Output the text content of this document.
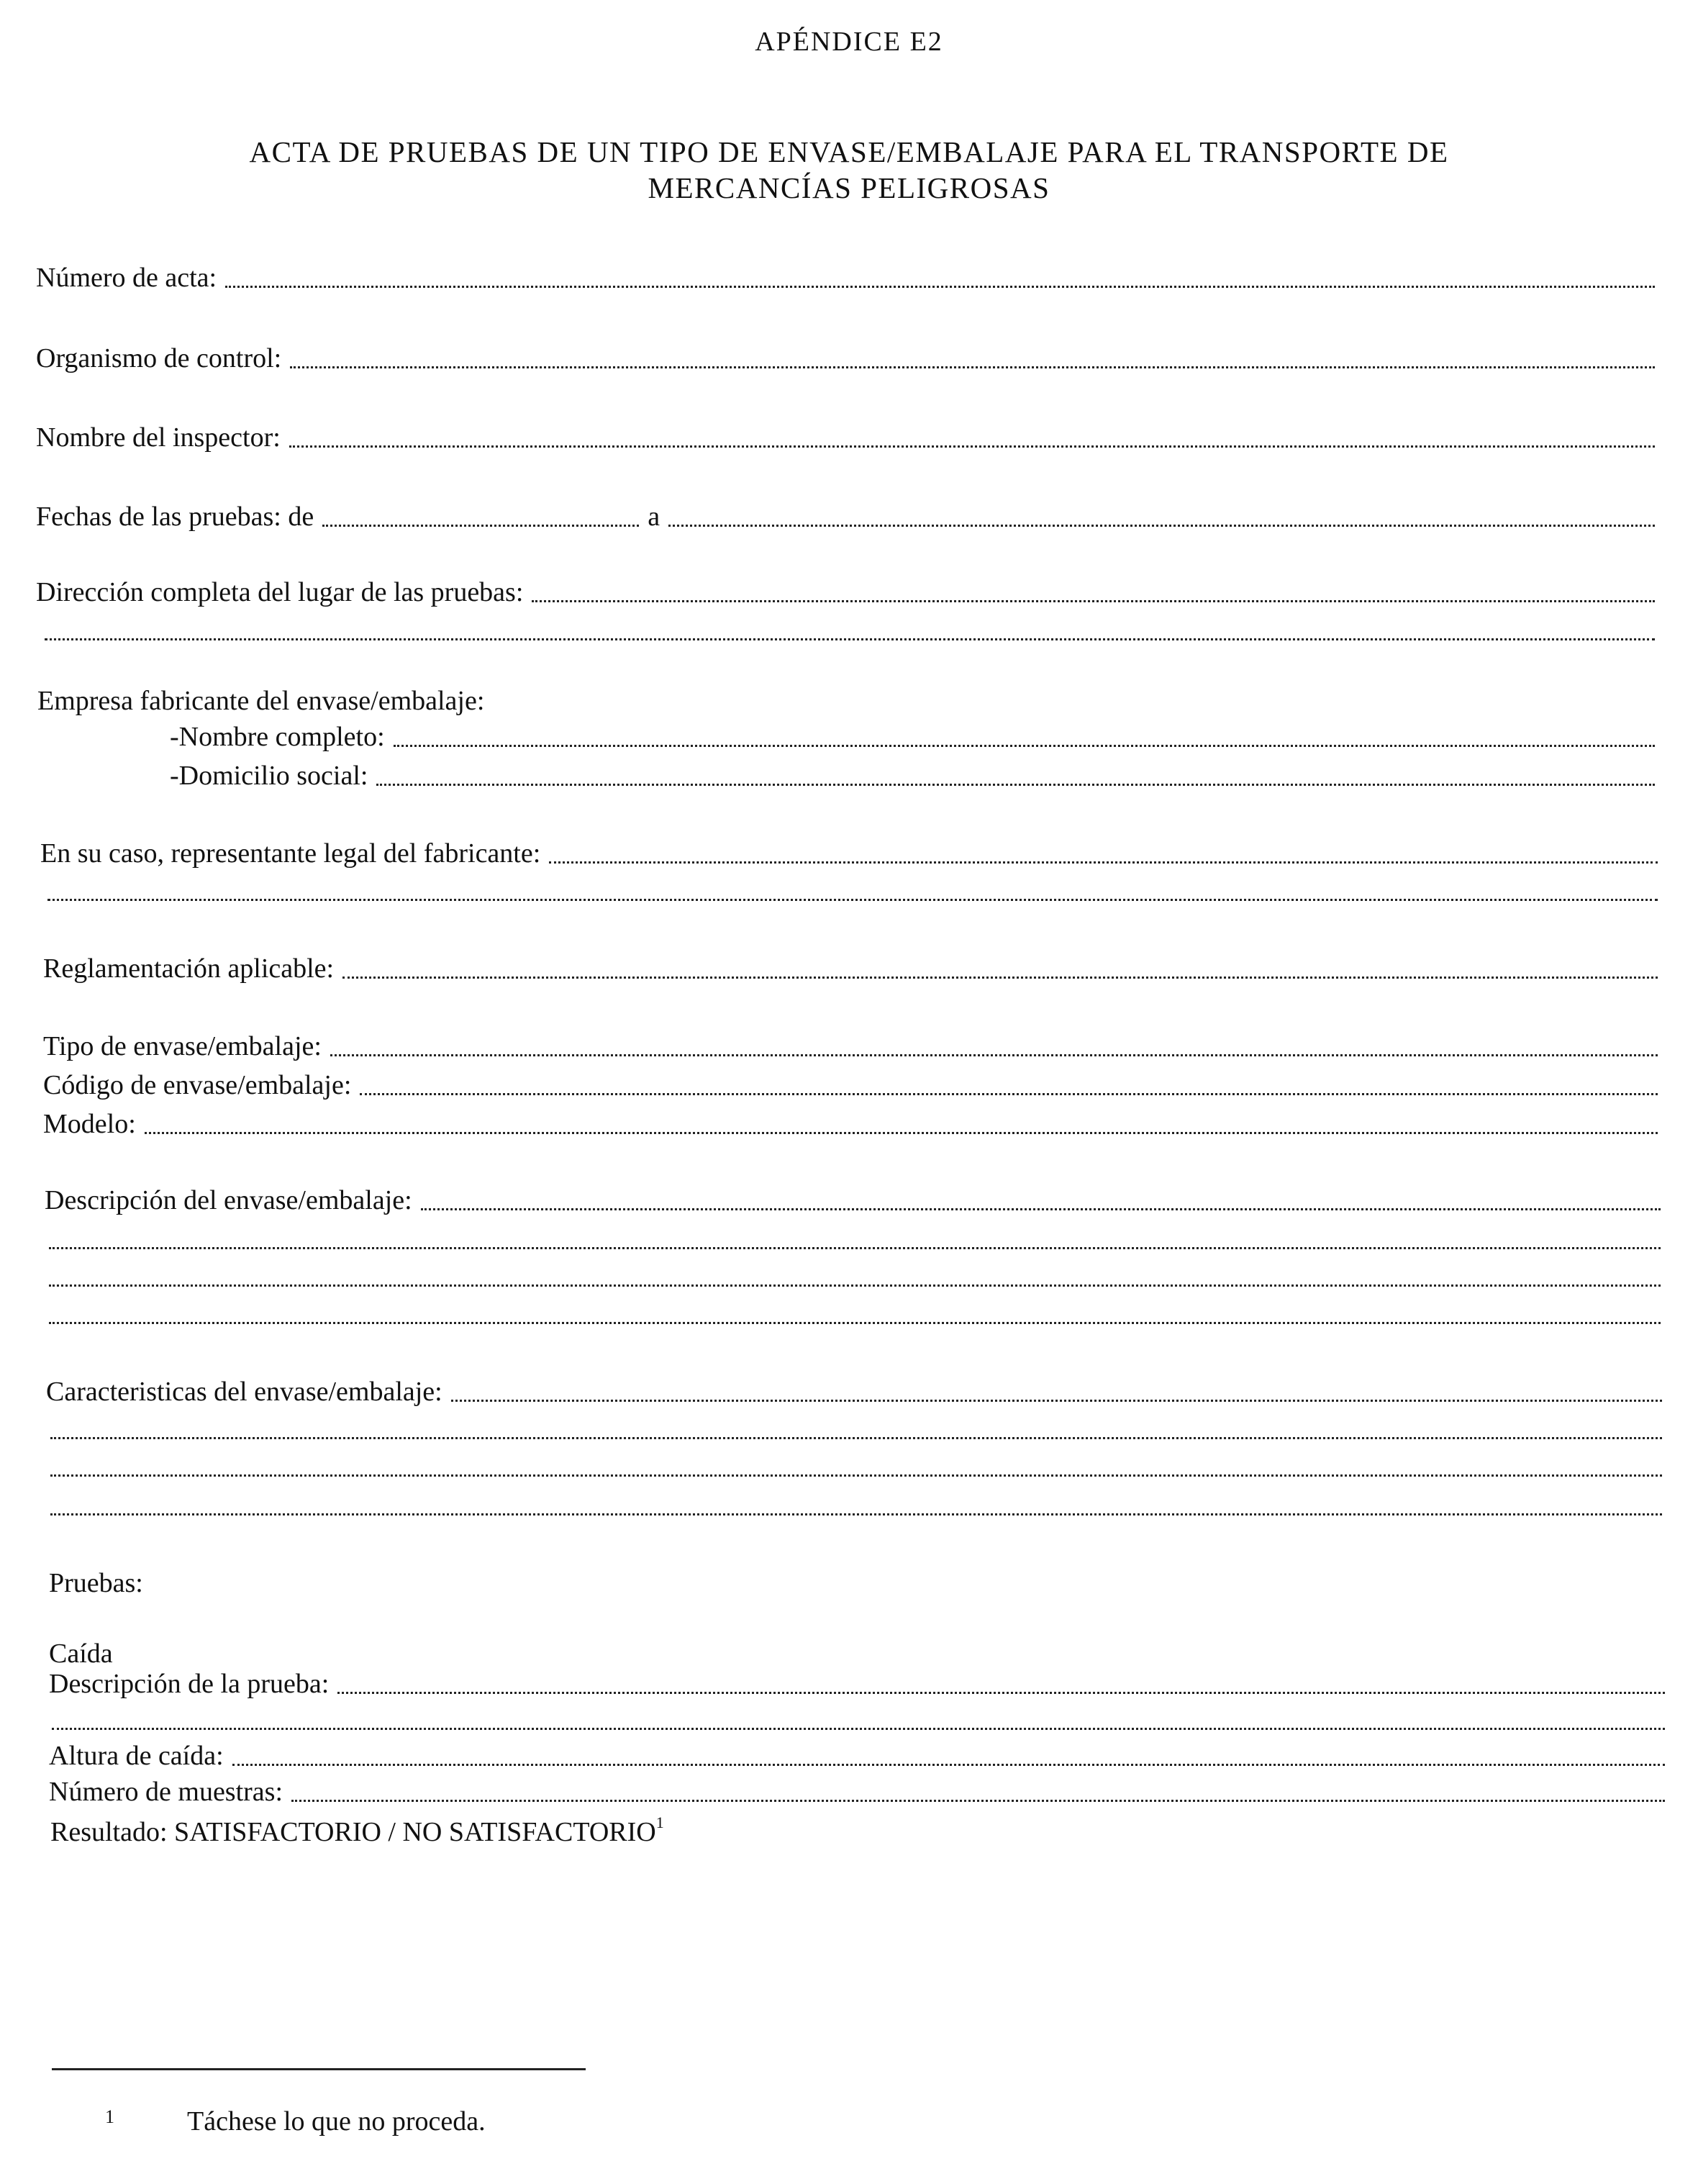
APÉNDICE E2
ACTA DE PRUEBAS DE UN TIPO DE ENVASE/EMBALAJE PARA EL TRANSPORTE DE
MERCANCÍAS PELIGROSAS
Número de acta:
Organismo de control:
Nombre del inspector:
Fechas de las pruebas: de	a
Dirección completa del lugar de las pruebas:
Empresa fabricante del envase/embalaje:
-Nombre completo:
-Domicilio social:
En su caso, representante legal del fabricante:
Reglamentación aplicable:
Tipo de envase/embalaje:
Código de envase/embalaje:
Modelo:
Descripción del envase/embalaje:
Caracteristicas del envase/embalaje:
Pruebas:
Caída
Descripción de la prueba:
Altura de caída:
Número de muestras:
Resultado: SATISFACTORIO / NO SATISFACTORIO$^1$
1	Táchese lo que no proceda.
